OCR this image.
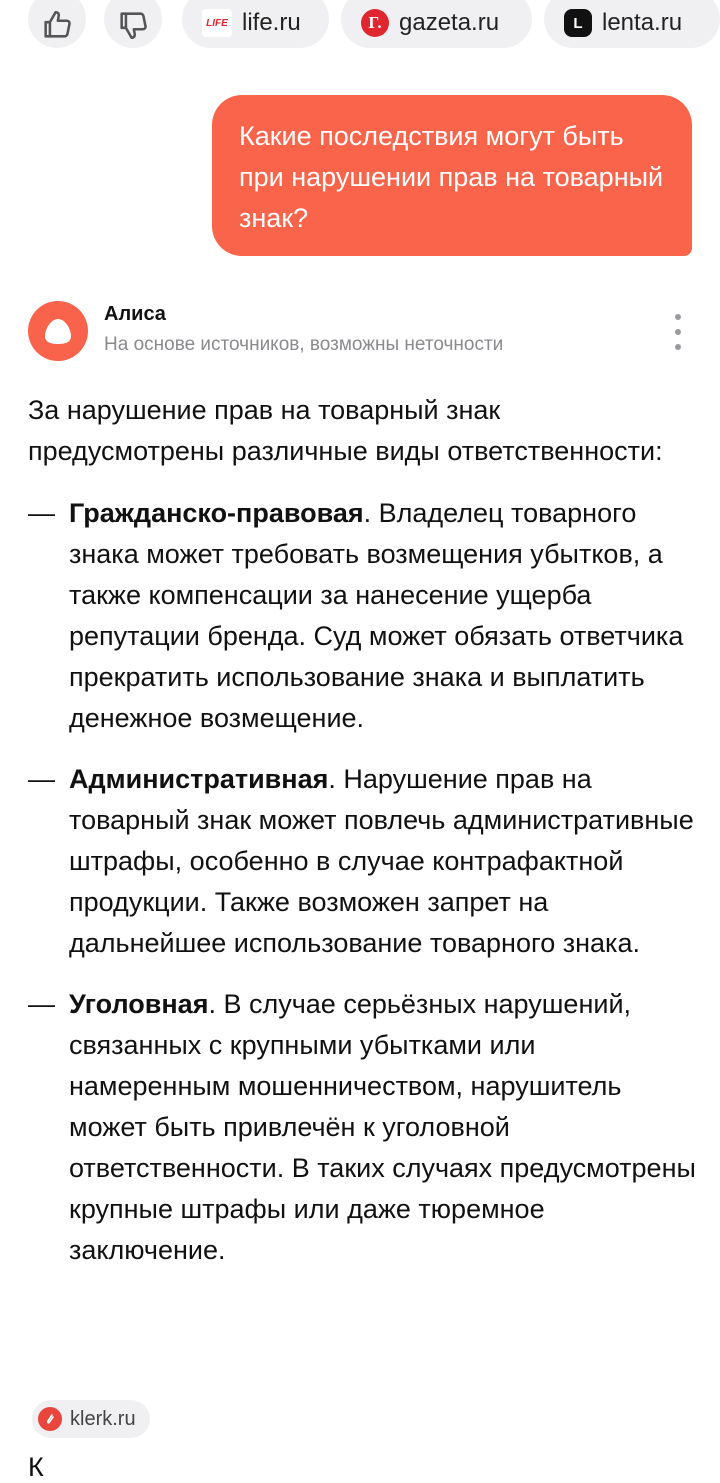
LIFE life.ru	Г. gazeta.ru	L lenta.ru

Какие последствия могут быть при нарушении прав на товарный знак?

Алиса
На основе источников, возможны неточности

За нарушение прав на товарный знак предусмотрены различные виды ответственности:

— Гражданско-правовая. Владелец товарного знака может требовать возмещения убытков, а также компенсации за нанесение ущерба репутации бренда. Суд может обязать ответчика прекратить использование знака и выплатить денежное возмещение.
— Административная. Нарушение прав на товарный знак может повлечь административные штрафы, особенно в случае контрафактной продукции. Также возможен запрет на дальнейшее использование товарного знака.
— Уголовная. В случае серьёзных нарушений, связанных с крупными убытками или намеренным мошенничеством, нарушитель может быть привлечён к уголовной ответственности. В таких случаях предусмотрены крупные штрафы или даже тюремное заключение.
klerk.ru
К
